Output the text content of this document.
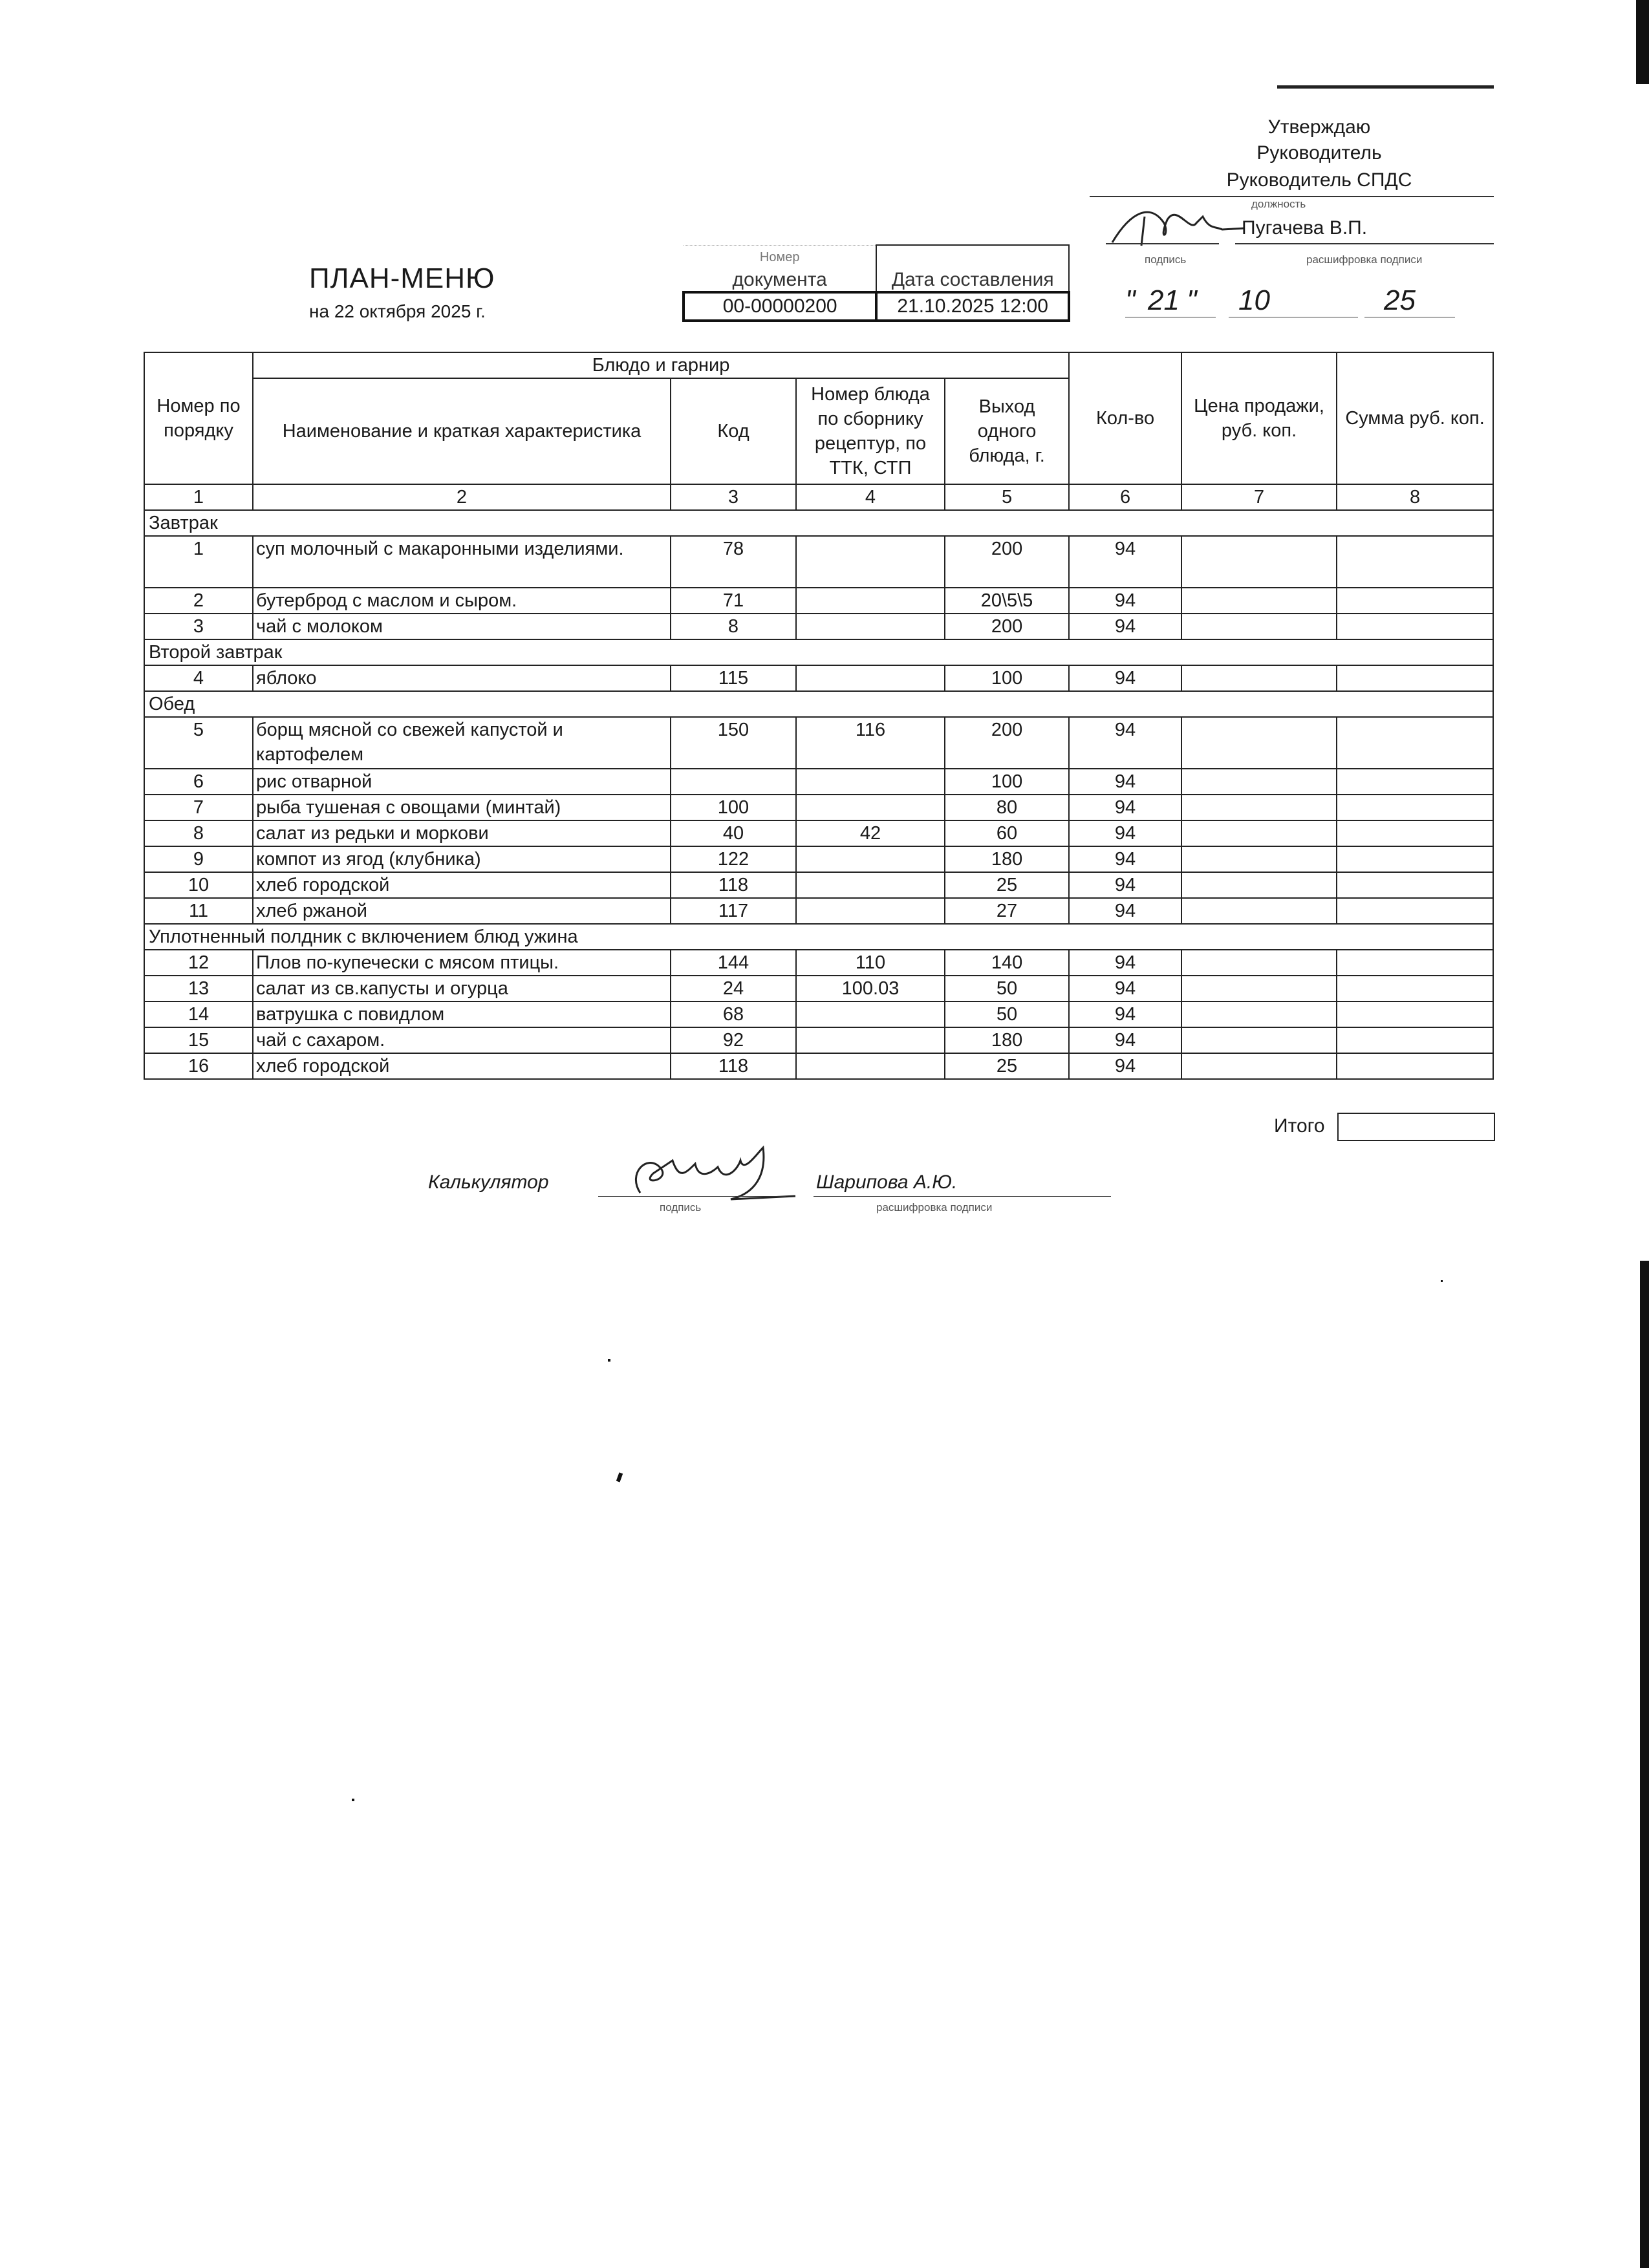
Утверждаю
Руководитель
Руководитель СПДС
должность
Пугачева В.П.
подпись	расшифровка подписи
" 21 " 10	25
ПЛАН-МЕНЮ
на 22 октября 2025 г.
Номер	
документа	Дата составления
00-00000200	21.10.2025 12:00
Номер по порядку	Блюдо и гарнир				Кол-во	Цена продажи, руб. коп.	Сумма руб. коп.
	Наименование и краткая характеристика	Код	Номер блюда по сборнику рецептур, по ТТК, СТП	Выход одного блюда, г.			
1	2	3	4	5	6	7	8
Завтрак							
1	суп молочный с макаронными изделиями.	78		200	94		
2	бутерброд с маслом и сыром.	71		20\5\5	94		
3	чай с молоком	8		200	94		
Второй завтрак							
4	яблоко	115		100	94		
Обед							
5	борщ мясной со свежей капустой и картофелем	150	116	200	94		
6	рис отварной			100	94		
7	рыба тушеная с овощами (минтай)	100		80	94		
8	салат из редьки и моркови	40	42	60	94		
9	компот из ягод (клубника)	122		180	94		
10	хлеб городской	118		25	94		
11	хлеб ржаной	117		27	94		
Уплотненный полдник с включением блюд ужина							
12	Плов по-купечески с мясом птицы.	144	110	140	94		
13	салат из св.капусты и огурца	24	100.03	50	94		
14	ватрушка с повидлом	68		50	94		
15	чай с сахаром.	92		180	94		
16	хлеб городской	118		25	94		
Итого
Калькулятор	Шарипова А.Ю.
подпись	расшифровка подписи
